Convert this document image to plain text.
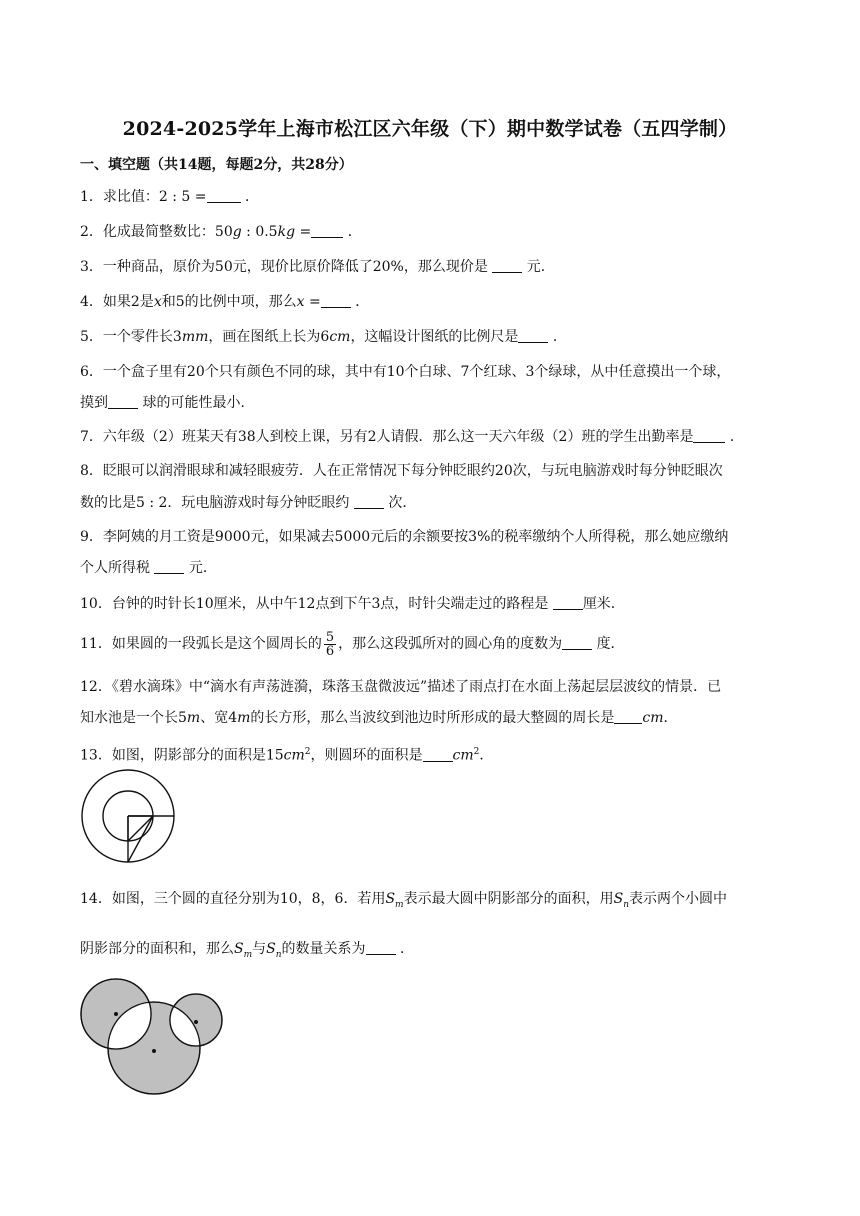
2024-2025学年上海市松江区六年级（下）期中数学试卷（五四学制）
一、填空题（共14题，每题2分，共28分）
1．求比值：2 : 5 =	．
2．化成最简整数比：50g : 0.5kg =	．
3．一种商品，原价为50元，现价比原价降低了20%，那么现价是	元．
4．如果2是x和5的比例中项，那么x = ．
5．一个零件长3mm，画在图纸上长为6cm，这幅设计图纸的比例尺是 ．
6．一个盒子里有20个只有颜色不同的球，其中有10个白球、7个红球、3个绿球，从中任意摸出一个球，
摸到 球的可能性最小．
7．六年级（2）班某天有38人到校上课，另有2人请假．那么这一天六年级（2）班的学生出勤率是	．
8．眨眼可以润滑眼球和减轻眼疲劳．人在正常情况下每分钟眨眼约20次，与玩电脑游戏时每分钟眨眼次
数的比是5 : 2．玩电脑游戏时每分钟眨眼约	次．
9．李阿姨的月工资是9000元，如果减去5000元后的余额要按3%的税率缴纳个人所得税，那么她应缴纳
个人所得税	元．
10．台钟的时针长10厘米，从中午12点到下午3点，时针尖端走过的路程是 厘米．
11．如果圆的一段弧长是这个圆周长的 $\frac{5}{6}$ ，那么这段弧所对的圆心角的度数为 度．
12．《碧水滴珠》中“滴水有声荡涟漪，珠落玉盘微波远”描述了雨点打在水面上荡起层层波纹的情景．已
知水池是一个长5m、宽4m的长方形，那么当波纹到池边时所形成的最大整圆的周长是 cm．
13．如图，阴影部分的面积是$15cm^2$，则圆环的面积是 $cm^2$．
14．如图，三个圆的直径分别为10，8，6．若用$S_m$表示最大圆中阴影部分的面积，用$S_n$表示两个小圆中
阴影部分的面积和，那么$S_m$与$S_n$的数量关系为 ．
